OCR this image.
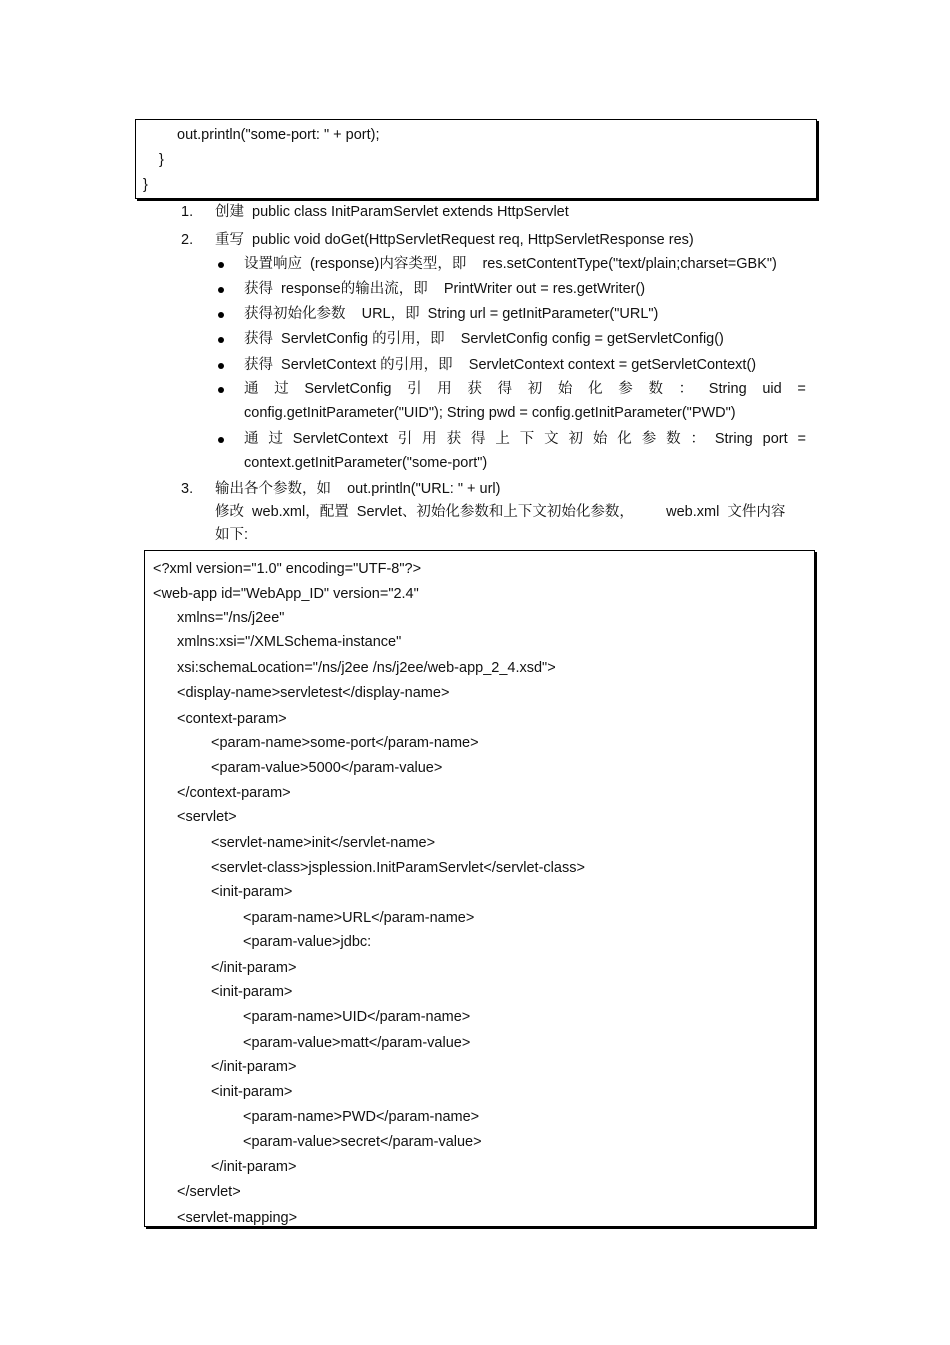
out.println("some-port: " + port);
}
}
1. 创建  public class InitParamServlet extends HttpServlet
2. 重写  public void doGet(HttpServletRequest req, HttpServletResponse res)
设置响应  (response)内容类型，即    res.setContentType("text/plain;charset=GBK")
获得  response的输出流，即    PrintWriter out = res.getWriter()
获得初始化参数    URL，即  String url = getInitParameter("URL")
获得  ServletConfig 的引用，即    ServletConfig config = getServletConfig()
获得  ServletContext 的引用，即    ServletContext context = getServletContext()
通 过 ServletConfig 引 用 获 得 初 始 化 参 数 ： String uid =
config.getInitParameter("UID"); String pwd = config.getInitParameter("PWD")
通 过 ServletContext 引 用 获 得 上 下 文 初 始 化 参 数 ： String port =
context.getInitParameter("some-port")
3. 输出各个参数，如    out.println("URL: " + url)
修改  web.xml，配置  Servlet、初始化参数和上下文初始化参数，        web.xml  文件内容
如下:
<?xml version="1.0" encoding="UTF-8"?>
<web-app id="WebApp_ID" version="2.4"
xmlns="/ns/j2ee"
xmlns:xsi="/XMLSchema-instance"
xsi:schemaLocation="/ns/j2ee /ns/j2ee/web-app_2_4.xsd">
<display-name>servletest</display-name>
<context-param>
<param-name>some-port</param-name>
<param-value>5000</param-value>
</context-param>
<servlet>
<servlet-name>init</servlet-name>
<servlet-class>jsplession.InitParamServlet</servlet-class>
<init-param>
<param-name>URL</param-name>
<param-value>jdbc:
</init-param>
<init-param>
<param-name>UID</param-name>
<param-value>matt</param-value>
</init-param>
<init-param>
<param-name>PWD</param-name>
<param-value>secret</param-value>
</init-param>
</servlet>
<servlet-mapping>
